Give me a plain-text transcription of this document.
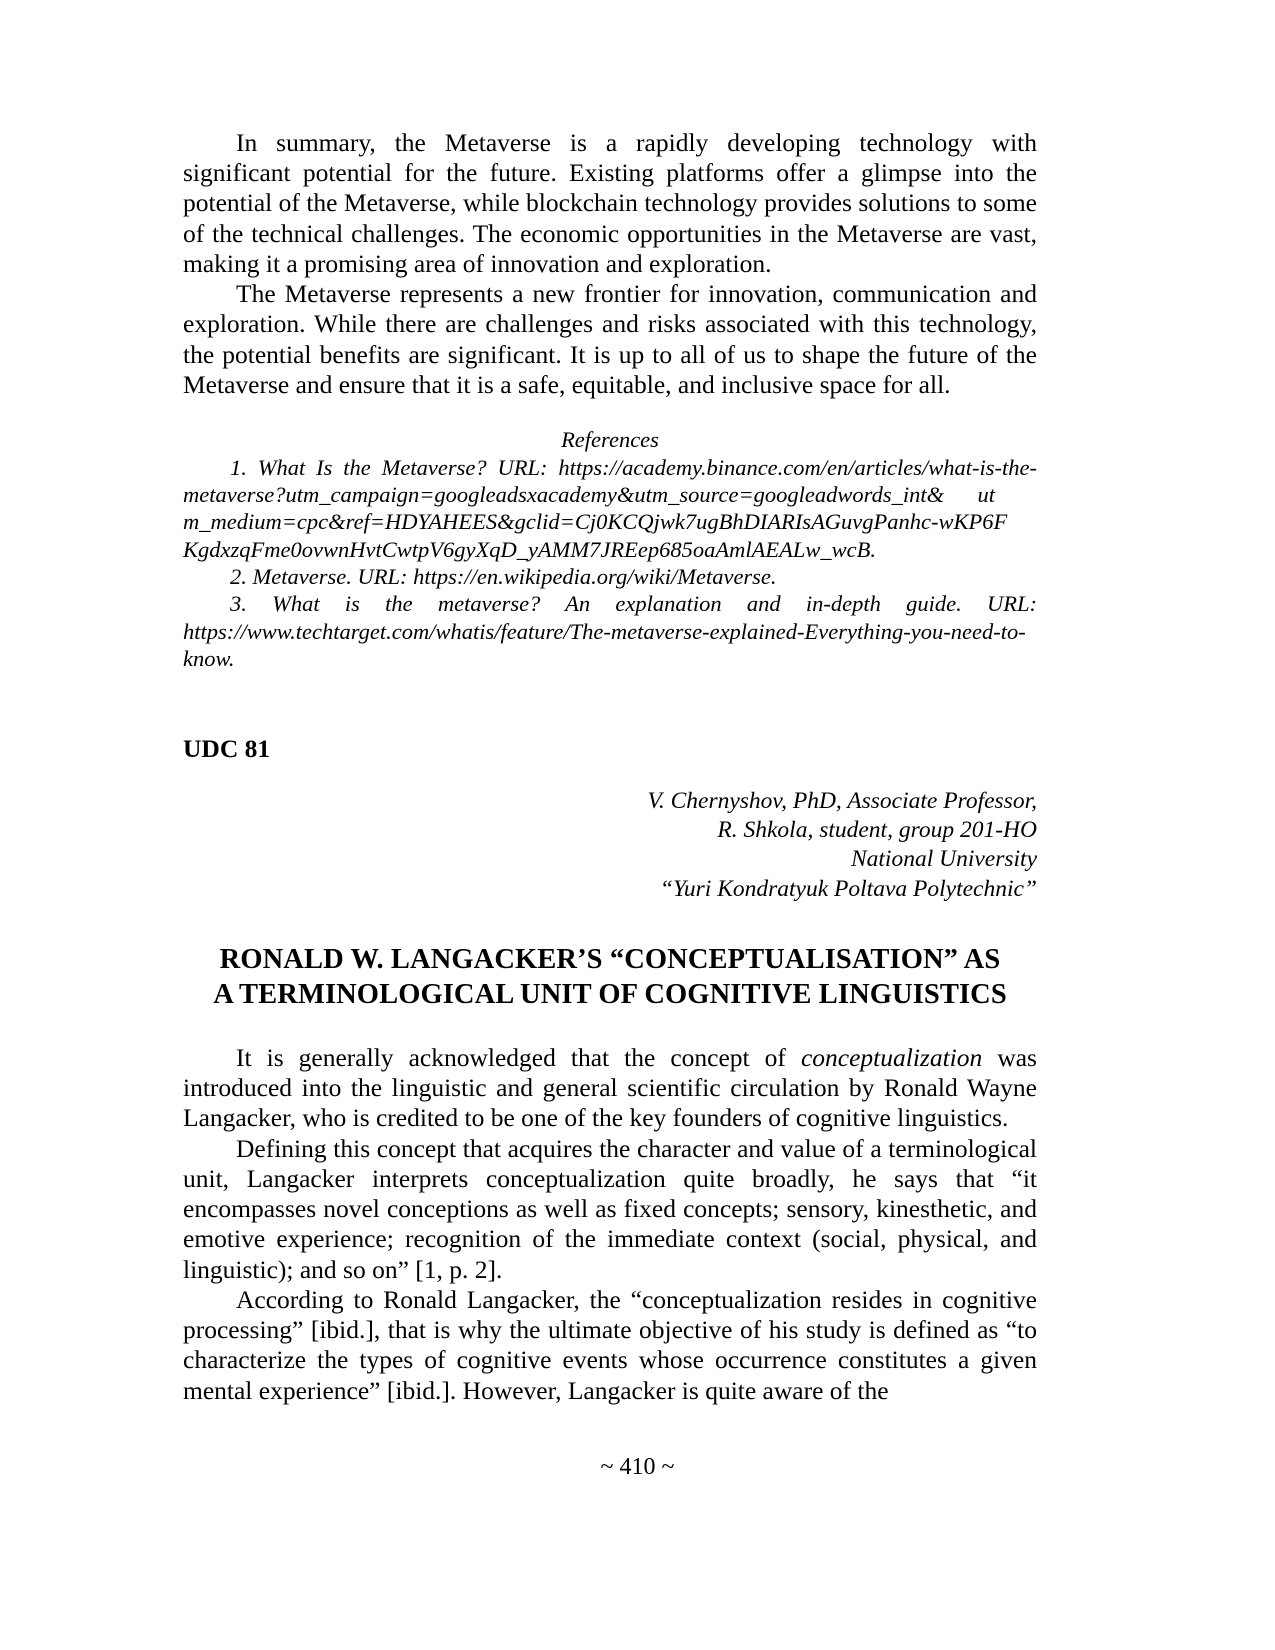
In summary, the Metaverse is a rapidly developing technology with significant potential for the future. Existing platforms offer a glimpse into the potential of the Metaverse, while blockchain technology provides solutions to some of the technical challenges. The economic opportunities in the Metaverse are vast, making it a promising area of innovation and exploration.

The Metaverse represents a new frontier for innovation, communication and exploration. While there are challenges and risks associated with this technology, the potential benefits are significant. It is up to all of us to shape the future of the Metaverse and ensure that it is a safe, equitable, and inclusive space for all.

References
1. What Is the Metaverse? URL: https://academy.binance.com/en/articles/what-is-the-
metaverse?utm_campaign=googleadsxacademy&utm_source=googleadwords_int& ut
m_medium=cpc&ref=HDYAHEES&gclid=Cj0KCQjwk7ugBhDIARIsAGuvgPanhc-wKP6F
KgdxzqFme0ovwnHvtCwtpV6gyXqD_yAMM7JREep685oaAmlAEALw_wcB.

2. Metaverse. URL: https://en.wikipedia.org/wiki/Metaverse.

3. What is the metaverse? An explanation and in-depth guide. URL:
https://www.techtarget.com/whatis/feature/The-metaverse-explained-Everything-you-need-to-
know.
UDC 81
V. Chernyshov, PhD, Associate Professor,
R. Shkola, student, group 201-HO
National University
“Yuri Kondratyuk Poltava Polytechnic”
RONALD W. LANGACKER’S “CONCEPTUALISATION” AS
A TERMINOLOGICAL UNIT OF COGNITIVE LINGUISTICS

It is generally acknowledged that the concept of conceptualization was introduced into the linguistic and general scientific circulation by Ronald Wayne Langacker, who is credited to be one of the key founders of cognitive linguistics.

Defining this concept that acquires the character and value of a terminological unit, Langacker interprets conceptualization quite broadly, he says that “it encompasses novel conceptions as well as fixed concepts; sensory, kinesthetic, and emotive experience; recognition of the immediate context (social, physical, and linguistic); and so on” [1, p. 2].

According to Ronald Langacker, the “conceptualization resides in cognitive processing” [ibid.], that is why the ultimate objective of his study is defined as “to characterize the types of cognitive events whose occurrence constitutes a given mental experience” [ibid.]. However, Langacker is quite aware of the

~ 410 ~
